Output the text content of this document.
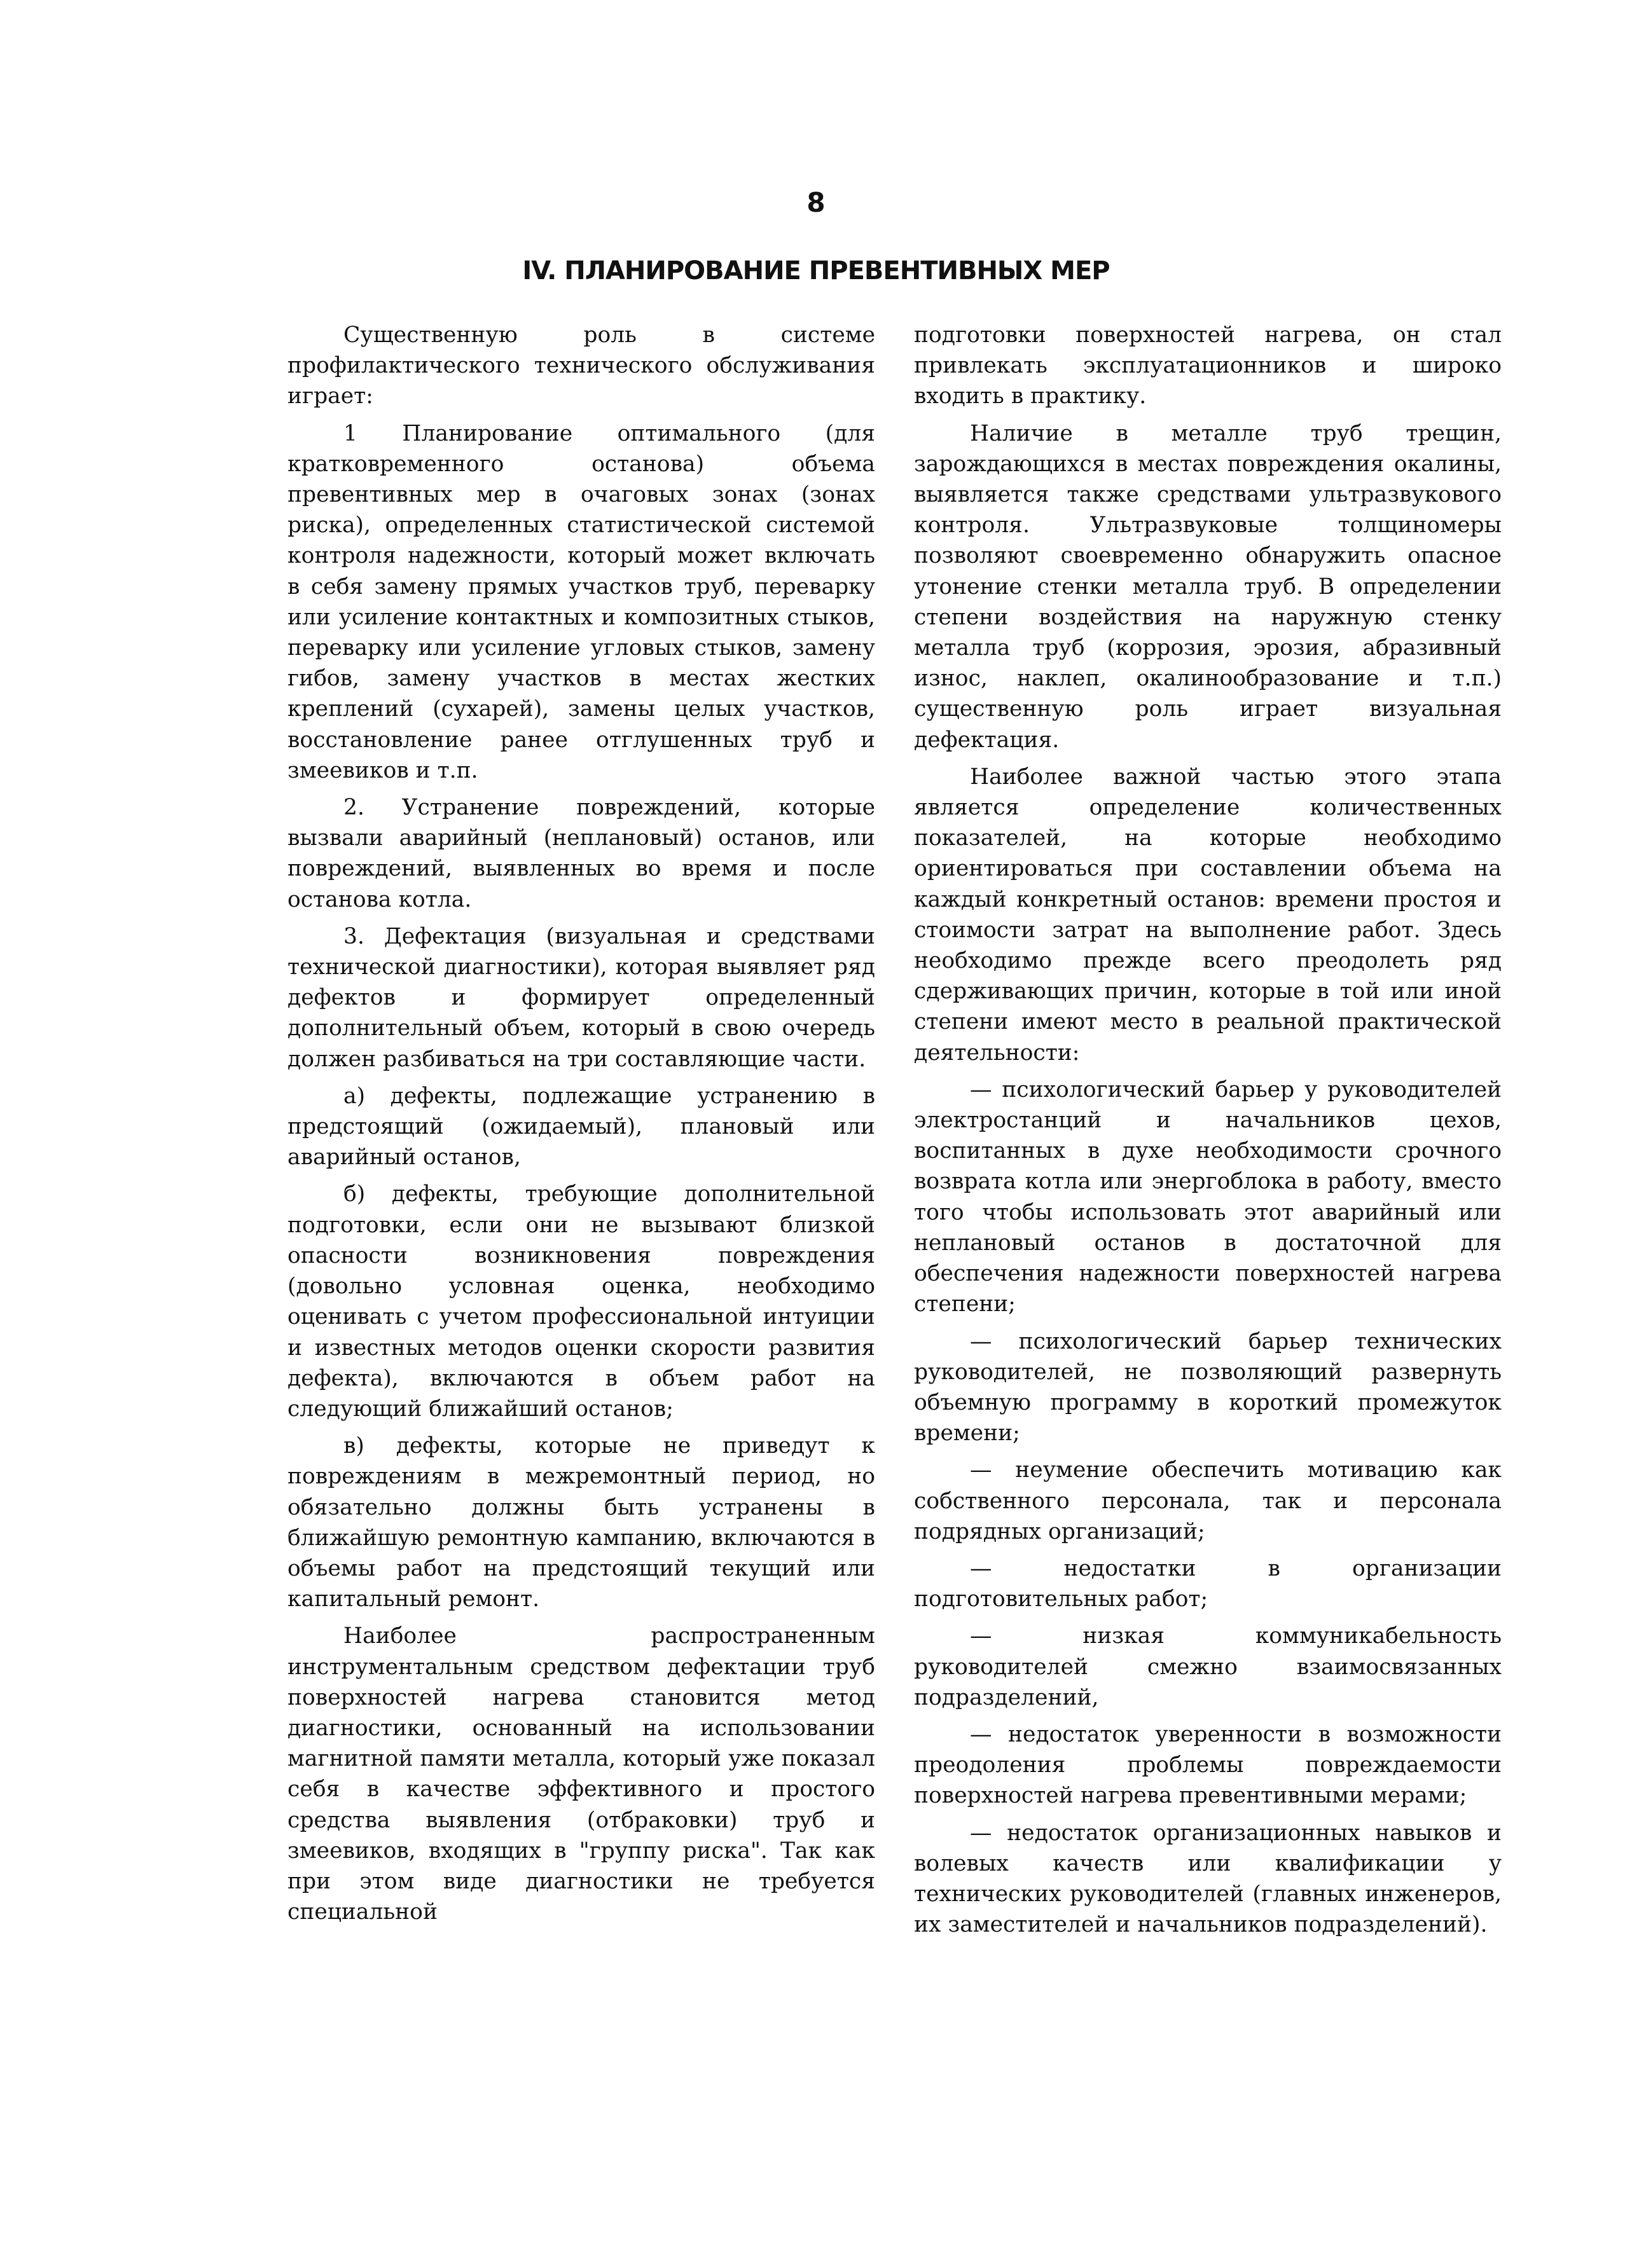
8
IV. ПЛАНИРОВАНИЕ ПРЕВЕНТИВНЫХ МЕР

Существенную роль в системе профилактического технического обслуживания играет:

1 Планирование оптимального (для кратковременного останова) объема превентивных мер в очаговых зонах (зонах риска), определенных статистической системой контроля надежности, который может включать в себя замену прямых участков труб, переварку или усиление контактных и композитных стыков, переварку или усиление угловых стыков, замену гибов, замену участков в местах жестких креплений (сухарей), замены целых участков, восстановление ранее отглушенных труб и змеевиков и т.п.

2. Устранение повреждений, которые вызвали аварийный (неплановый) останов, или повреждений, выявленных во время и после останова котла.

3. Дефектация (визуальная и средствами технической диагностики), которая выявляет ряд дефектов и формирует определенный дополнительный объем, который в свою очередь должен разбиваться на три составляющие части.

а) дефекты, подлежащие устранению в предстоящий (ожидаемый), плановый или аварийный останов,

б) дефекты, требующие дополнительной подготовки, если они не вызывают близкой опасности возникновения повреждения (довольно условная оценка, необходимо оценивать с учетом профессиональной интуиции и известных методов оценки скорости развития дефекта), включаются в объем работ на следующий ближайший останов;

в) дефекты, которые не приведут к повреждениям в межремонтный период, но обязательно должны быть устранены в ближайшую ремонтную кампанию, включаются в объемы работ на предстоящий текущий или капитальный ремонт.

Наиболее распространенным инструментальным средством дефектации труб поверхностей нагрева становится метод диагностики, основанный на использовании магнитной памяти металла, который уже показал себя в качестве эффективного и простого средства выявления (отбраковки) труб и змеевиков, входящих в "группу риска". Так как при этом виде диагностики не требуется специальной

подготовки поверхностей нагрева, он стал привлекать эксплуатационников и широко входить в практику.

Наличие в металле труб трещин, зарождающихся в местах повреждения окалины, выявляется также средствами ультразвукового контроля. Ультразвуковые толщиномеры позволяют своевременно обнаружить опасное утонение стенки металла труб. В определении степени воздействия на наружную стенку металла труб (коррозия, эрозия, абразивный износ, наклеп, окалинообразование и т.п.) существенную роль играет визуальная дефектация.

Наиболее важной частью этого этапа является определение количественных показателей, на которые необходимо ориентироваться при составлении объема на каждый конкретный останов: времени простоя и стоимости затрат на выполнение работ. Здесь необходимо прежде всего преодолеть ряд сдерживающих причин, которые в той или иной степени имеют место в реальной практической деятельности:

— психологический барьер у руководителей электростанций и начальников цехов, воспитанных в духе необходимости срочного возврата котла или энергоблока в работу, вместо того чтобы использовать этот аварийный или неплановый останов в достаточной для обеспечения надежности поверхностей нагрева степени;

— психологический барьер технических руководителей, не позволяющий развернуть объемную программу в короткий промежуток времени;

— неумение обеспечить мотивацию как собственного персонала, так и персонала подрядных организаций;

— недостатки в организации подготовительных работ;

— низкая коммуникабельность руководителей смежно взаимосвязанных подразделений,

— недостаток уверенности в возможности преодоления проблемы повреждаемости поверхностей нагрева превентивными мерами;

— недостаток организационных навыков и волевых качеств или квалификации у технических руководителей (главных инженеров, их заместителей и начальников подразделений).
